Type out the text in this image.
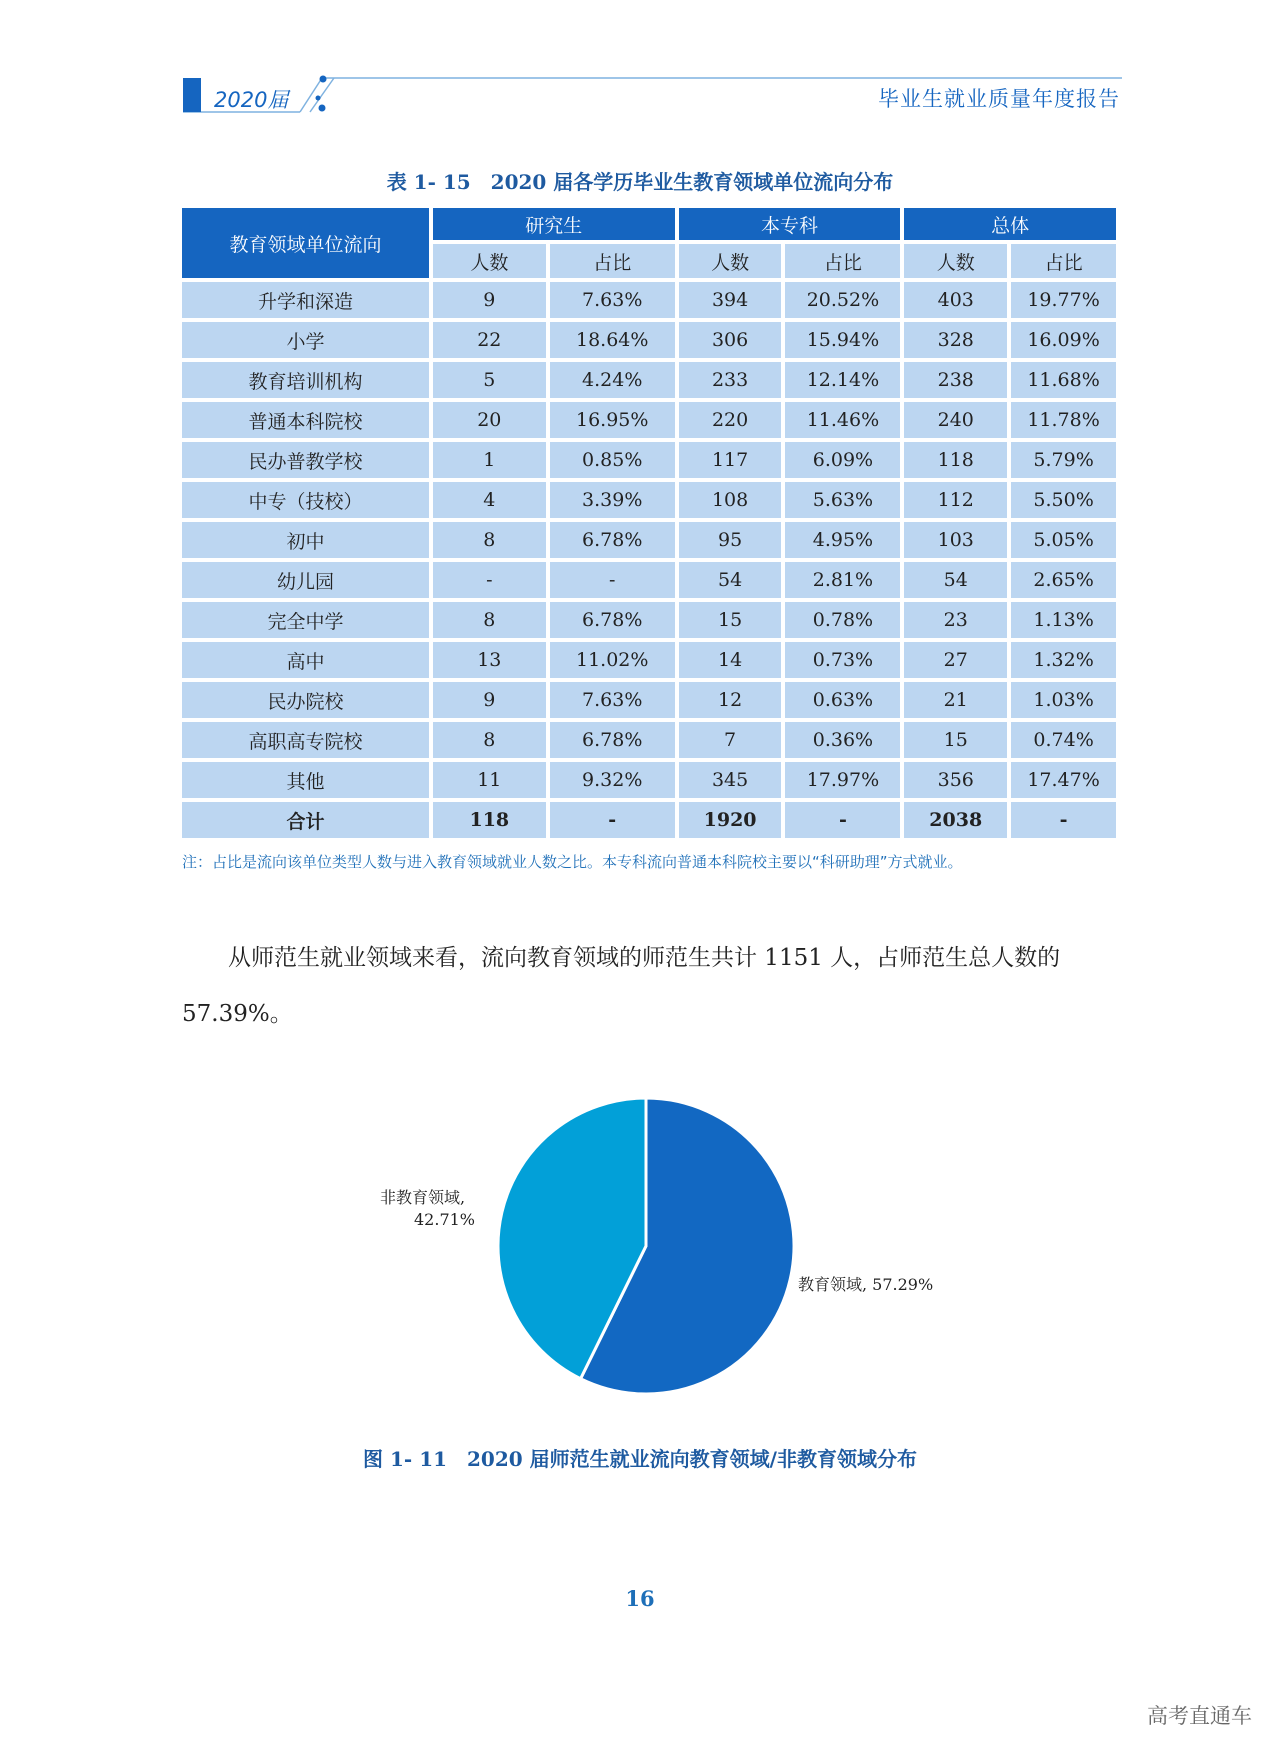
2020届	毕业生就业质量年度报告
表 1- 15　2020 届各学历毕业生教育领域单位流向分布
教育领域单位流向	研究生		本专科		总体	
	人数	占比	人数	占比	人数	占比
升学和深造	9	7.63%	394	20.52%	403	19.77%
小学	22	18.64%	306	15.94%	328	16.09%
教育培训机构	5	4.24%	233	12.14%	238	11.68%
普通本科院校	20	16.95%	220	11.46%	240	11.78%
民办普教学校	1	0.85%	117	6.09%	118	5.79%
中专（技校）	4	3.39%	108	5.63%	112	5.50%
初中	8	6.78%	95	4.95%	103	5.05%
幼儿园	-	-	54	2.81%	54	2.65%
完全中学	8	6.78%	15	0.78%	23	1.13%
高中	13	11.02%	14	0.73%	27	1.32%
民办院校	9	7.63%	12	0.63%	21	1.03%
高职高专院校	8	6.78%	7	0.36%	15	0.74%
其他	11	9.32%	345	17.97%	356	17.47%
合计	118	-	1920	-	2038	-
注：占比是流向该单位类型人数与进入教育领域就业人数之比。本专科流向普通本科院校主要以“科研助理”方式就业。
从师范生就业领域来看，流向教育领域的师范生共计 1151 人，占师范生总人数的 57.39%。
非教育领域,
42.71%
教育领域, 57.29%
图 1- 11　2020 届师范生就业流向教育领域/非教育领域分布
16
高考直通车
